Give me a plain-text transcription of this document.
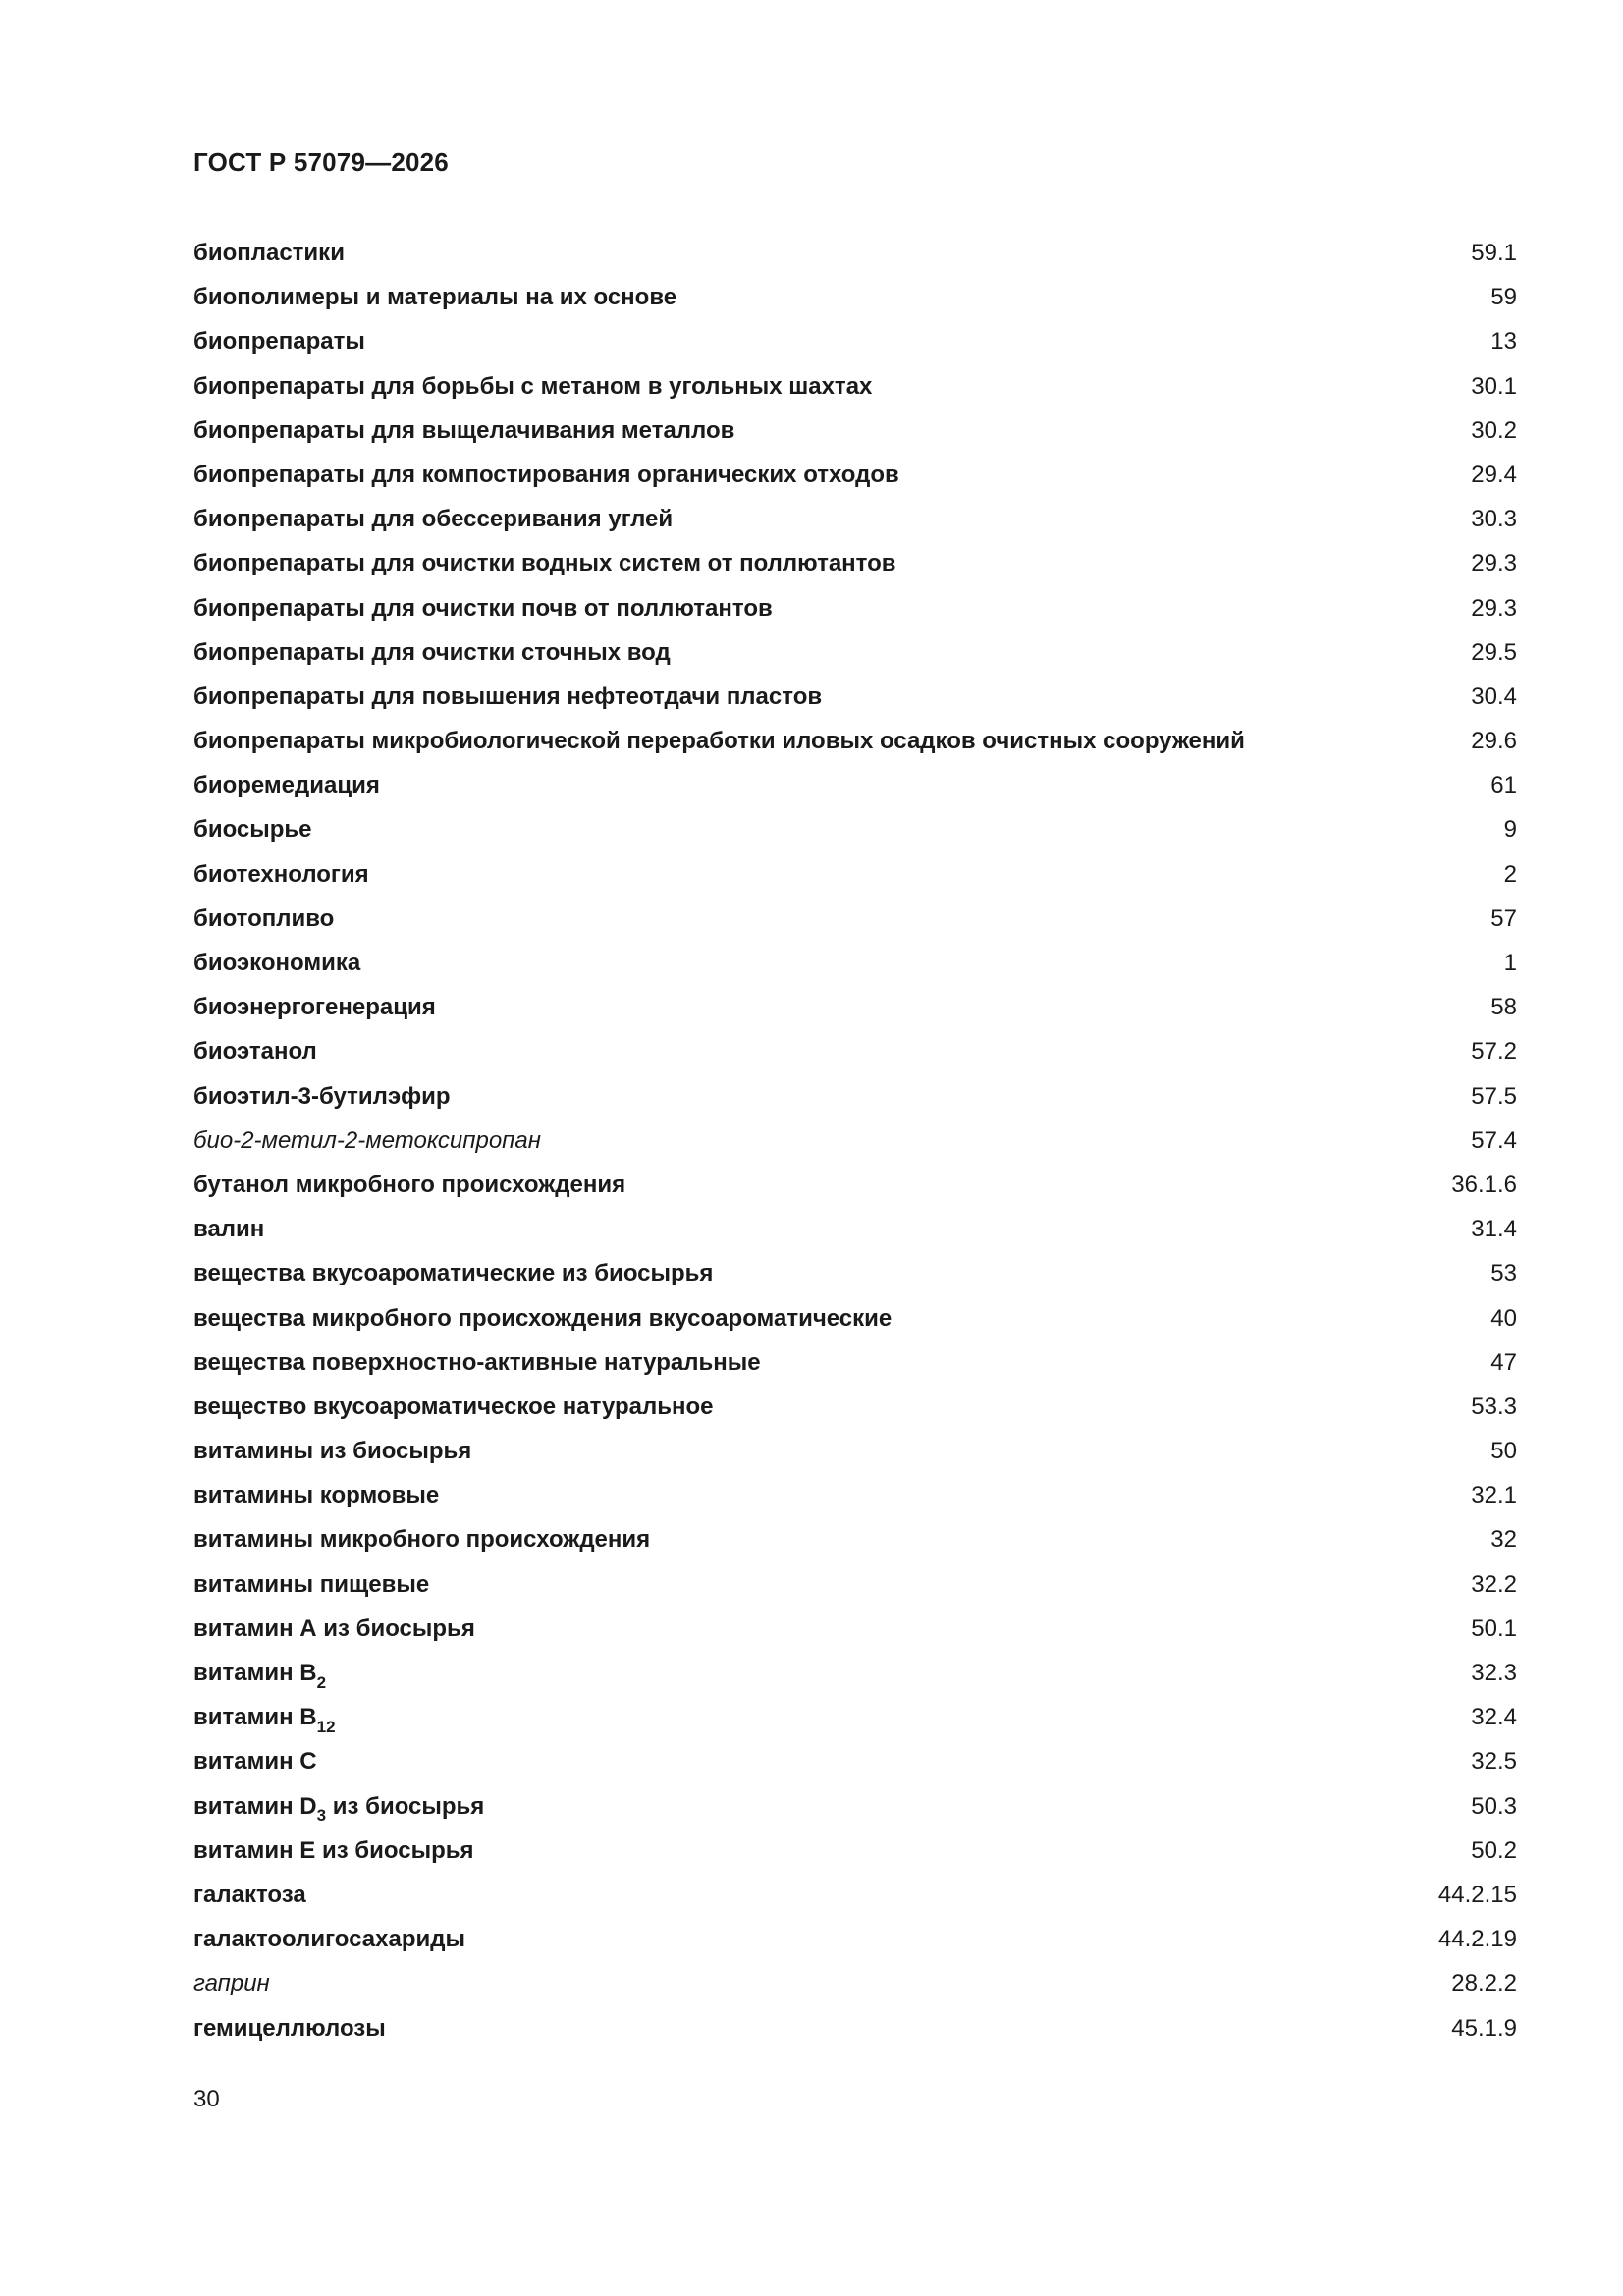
ГОСТ Р 57079—2026
биопластики	59.1
биополимеры и материалы на их основе	59
биопрепараты	13
биопрепараты для борьбы с метаном в угольных шахтах	30.1
биопрепараты для выщелачивания металлов	30.2
биопрепараты для компостирования органических отходов	29.4
биопрепараты для обессеривания углей	30.3
биопрепараты для очистки водных систем от поллютантов	29.3
биопрепараты для очистки почв от поллютантов	29.3
биопрепараты для очистки сточных вод	29.5
биопрепараты для повышения нефтеотдачи пластов	30.4
биопрепараты микробиологической переработки иловых осадков очистных сооружений	29.6
биоремедиация	61
биосырье	9
биотехнология	2
биотопливо	57
биоэкономика	1
биоэнергогенерация	58
биоэтанол	57.2
биоэтил-3-бутилэфир	57.5
био-2-метил-2-метоксипропан	57.4
бутанол микробного происхождения	36.1.6
валин	31.4
вещества вкусоароматические из биосырья	53
вещества микробного происхождения вкусоароматические	40
вещества поверхностно-активные натуральные	47
вещество вкусоароматическое натуральное	53.3
витамины из биосырья	50
витамины кормовые	32.1
витамины микробного происхождения	32
витамины пищевые	32.2
витамин А из биосырья	50.1
витамин $В_2$	32.3
витамин $В_{12}$	32.4
витамин С	32.5
витамин $D_3$ из биосырья	50.3
витамин Е из биосырья	50.2
галактоза	44.2.15
галактоолигосахариды	44.2.19
гаприн	28.2.2
гемицеллюлозы	45.1.9

30
